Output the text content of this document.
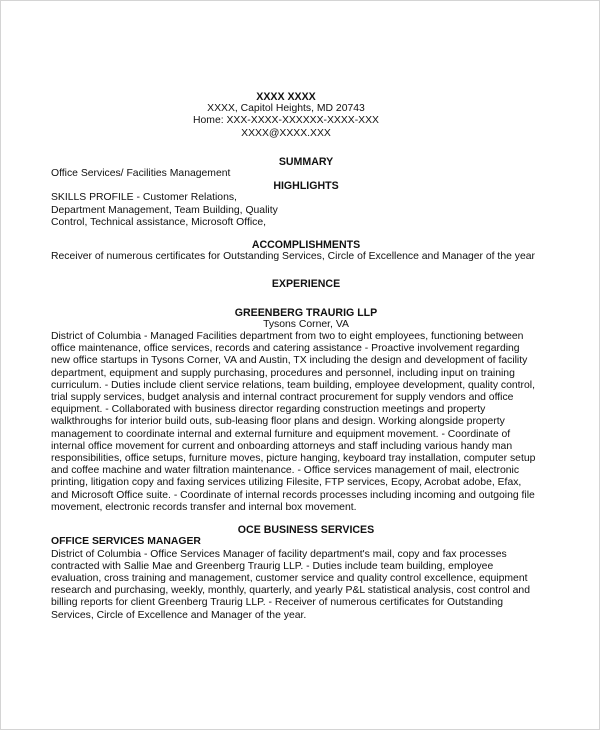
XXXX XXXX
XXXX, Capitol Heights, MD 20743
Home: XXX-XXXX-XXXXXX-XXXX-XXX
XXXX@XXXX.XXX
SUMMARY

Office Services/ Facilities Management

HIGHLIGHTS
SKILLS PROFILE - Customer Relations,
Department Management, Team Building, Quality
Control, Technical assistance, Microsoft Office,
ACCOMPLISHMENTS

Receiver of numerous certificates for Outstanding Services, Circle of Excellence and Manager of the year

EXPERIENCE
GREENBERG TRAURIG LLP
Tysons Corner, VA
District of Columbia - Managed Facilities department from two to eight employees, functioning between
office maintenance, office services, records and catering assistance - Proactive involvement regarding
new office startups in Tysons Corner, VA and Austin, TX including the design and development of facility
department, equipment and supply purchasing, procedures and personnel, including input on training
curriculum. - Duties include client service relations, team building, employee development, quality control,
trial supply services, budget analysis and internal contract procurement for supply vendors and office
equipment. - Collaborated with business director regarding construction meetings and property
walkthroughs for interior build outs, sub-leasing floor plans and design. Working alongside property
management to coordinate internal and external furniture and equipment movement. - Coordinate of
internal office movement for current and onboarding attorneys and staff including various handy man
responsibilities, office setups, furniture moves, picture hanging, keyboard tray installation, computer setup
and coffee machine and water filtration maintenance. - Office services management of mail, electronic
printing, litigation copy and faxing services utilizing Filesite, FTP services, Ecopy, Acrobat adobe, Efax,
and Microsoft Office suite. - Coordinate of internal records processes including incoming and outgoing file
movement, electronic records transfer and internal box movement.
OCE BUSINESS SERVICES
OFFICE SERVICES MANAGER
District of Columbia - Office Services Manager of facility department's mail, copy and fax processes
contracted with Sallie Mae and Greenberg Traurig LLP. - Duties include team building, employee
evaluation, cross training and management, customer service and quality control excellence, equipment
research and purchasing, weekly, monthly, quarterly, and yearly P&L statistical analysis, cost control and
billing reports for client Greenberg Traurig LLP. - Receiver of numerous certificates for Outstanding
Services, Circle of Excellence and Manager of the year.
